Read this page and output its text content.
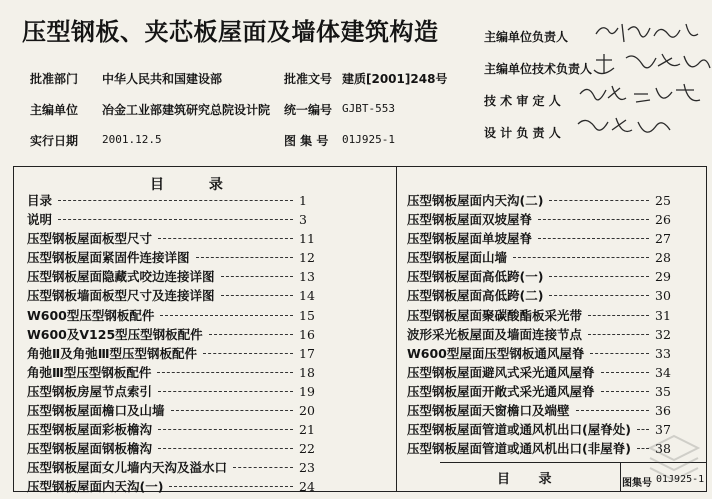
压型钢板、夹芯板屋面及墙体建筑构造
批准部门 中华人民共和国建设部	批准文号 建质[2001]248号
主编单位 冶金工业部建筑研究总院设计院 统一编号 GJBT-553
实行日期 2001.12.5	图 集 号 01J925-1
主编单位负责人
主编单位技术负责人
技 术 审 定 人
设 计 负 责 人
目 录
目录	1
说明	3
压型钢板屋面板型尺寸	11
压型钢板屋面紧固件连接详图	12
压型钢板屋面隐藏式咬边连接详图	13
压型钢板墙面板型尺寸及连接详图	14
W600型压型钢板配件	15
W600及V125型压型钢板配件	16
角弛Ⅱ及角弛Ⅲ型压型钢板配件	17
角弛Ⅲ型压型钢板配件	18
压型钢板房屋节点索引	19
压型钢板屋面檐口及山墙	20
压型钢板屋面彩板檐沟	21
压型钢板屋面钢板檐沟	22
压型钢板屋面女儿墙内天沟及溢水口	23
压型钢板屋面内天沟(一)	24
压型钢板屋面内天沟(二)	25
压型钢板屋面双坡屋脊	26
压型钢板屋面单坡屋脊	27
压型钢板屋面山墙	28
压型钢板屋面高低跨(一)	29
压型钢板屋面高低跨(二)	30
压型钢板屋面聚碳酸酯板采光带	31
波形采光板屋面及墙面连接节点	32
W600型屋面压型钢板通风屋脊	33
压型钢板屋面避风式采光通风屋脊	34
压型钢板屋面开敞式采光通风屋脊	35
压型钢板屋面天窗檐口及端壁	36
压型钢板屋面管道或通风机出口(屋脊处) 37
压型钢板屋面管道或通风机出口(非屋脊) 38
目 录	图集号 01J925-1
